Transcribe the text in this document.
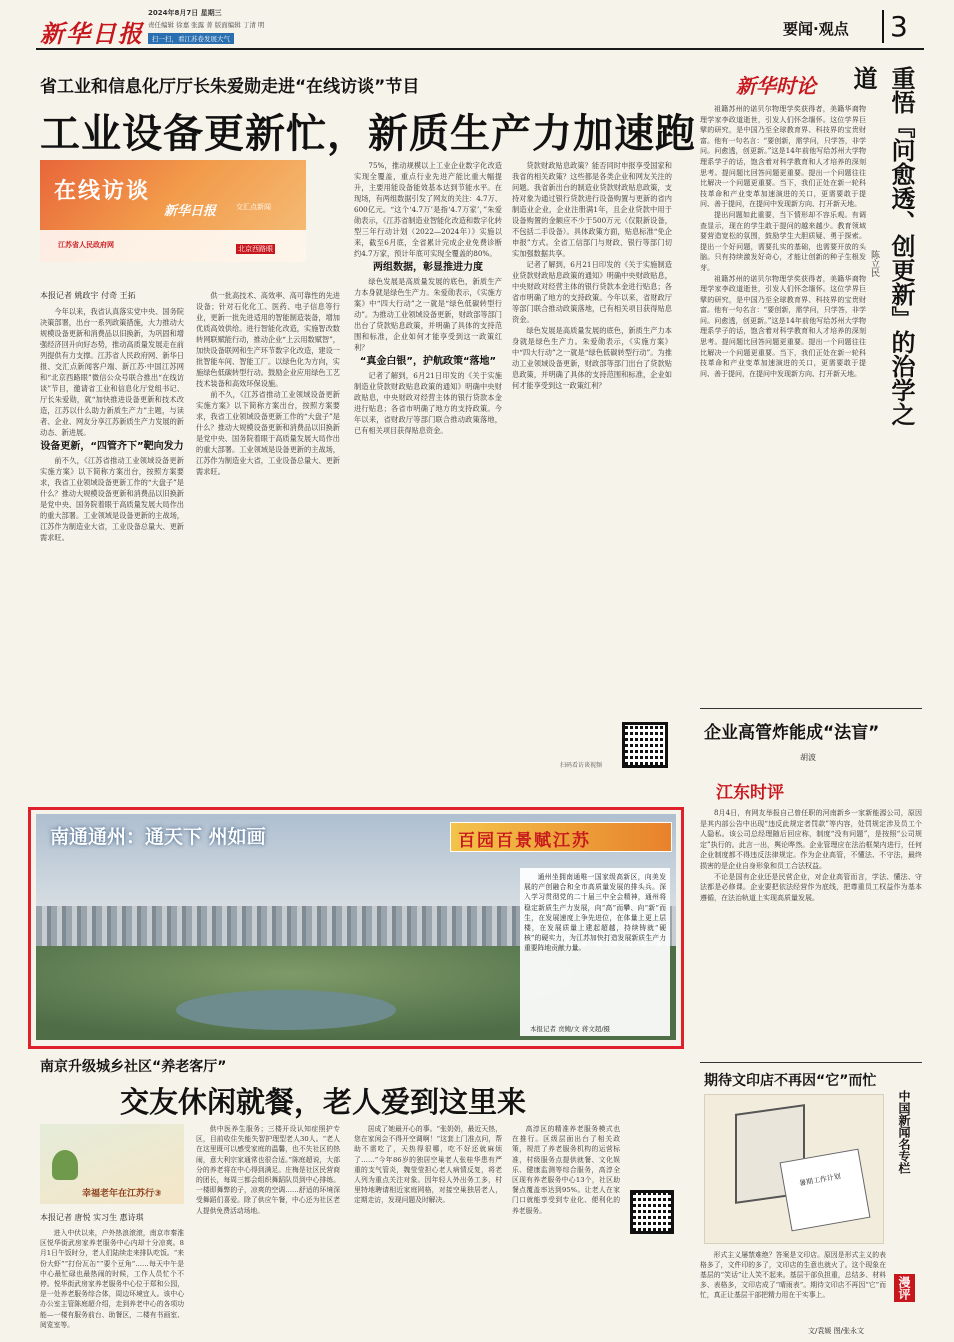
新华日报
2024年8月7日 星期三
责任编辑 徐嘉 张露 菁 版面编辑 丁清 明
扫一扫，看江苏卷发展大气
要闻·观点 3
省工业和信息化厅厅长朱爱勋走进“在线访谈”节目
工业设备更新忙，新质生产力加速跑
在线访谈
新华日报
江苏省人民政府网
交汇点新闻
北京西路眼
本报记者 姚政宇 付奇 王拓

今年以来，我省认真落实党中央、国务院决策部署，出台一系列政策措施，大力推动大规模设备更新和消费品以旧换新，为巩固和增强经济回升向好态势，推动高质量发展走在前列提供有力支撑。江苏省人民政府网、新华日报、交汇点新闻客户端、新江苏·中国江苏网和“北京西路眼”微信公众号联合推出“在线访谈”节目，邀请省工业和信息化厅党组书记、厅长朱爱勋，就“加快推进设备更新和技术改造，江苏以什么助力新质生产力”主题，与读者、企业、网友分享江苏新质生产力发展的新动态、新进展。

设备更新，“四管齐下”靶向发力

前不久，《江苏省推动工业领域设备更新实施方案》以下简称方案出台，按照方案要求，我省工业领域设备更新工作的“大盘子”是什么？推动大规模设备更新和消费品以旧换新是党中央、国务院着眼于高质量发展大局作出的重大部署。工业领域是设备更新的主战场，江苏作为制造业大省，工业设备总量大、更新需求旺。

供一批高技术、高效率、高可靠性的先进设备；针对石化化工、医药、电子信息等行业，更新一批先进适用的智能制造装备，增加优质高效供给。进行智能化改造，实施智改数转网联赋能行动，推动企业“上云用数赋智”，加快设备联网和生产环节数字化改造，建设一批智能车间、智能工厂。以绿色化为方向，实施绿色低碳转型行动。鼓励企业应用绿色工艺技术装备和高效环保设施。

前不久，《江苏省推动工业领域设备更新实施方案》以下简称方案出台，按照方案要求，我省工业领域设备更新工作的“大盘子”是什么？推动大规模设备更新和消费品以旧换新是党中央、国务院着眼于高质量发展大局作出的重大部署。工业领域是设备更新的主战场，江苏作为制造业大省，工业设备总量大、更新需求旺。

75%，推动规模以上工业企业数字化改造实现全覆盖，重点行业先进产能比重大幅提升，主要用能设备能效基本达到节能水平。在现场，有两组数据引发了网友的关注：4.7万、600亿元。“这个‘4.7万’是指‘4.7万家’，”朱爱勋表示，《江苏省制造业智能化改造和数字化转型三年行动计划（2022—2024年）》实施以来，截至6月底，全省累计完成企业免费诊断约4.7万家，预计年底可实现全覆盖的80%。

两组数据，彰显推进力度

绿色发展是高质量发展的底色，新质生产力本身就是绿色生产力。朱爱勋表示，《实施方案》中“四大行动”之一就是“绿色低碳转型行动”。为推动工业领域设备更新，财政部等部门出台了贷款贴息政策，并明确了具体的支持范围和标准，企业如何才能享受到这一政策红利？

“真金白银”，护航政策“落地”

记者了解到，6月21日印发的《关于实施制造业贷款财政贴息政策的通知》明确中央财政贴息，中央财政对经营主体的银行贷款本金进行贴息；各省市明确了地方的支持政策。今年以来，省财政厅等部门联合推动政策落地，已有相关项目获得贴息资金。

贷款财政贴息政策？能否同时申报享受国家和我省的相关政策？这些都是各类企业和网友关注的问题。我省新出台的制造业贷款财政贴息政策，支持对象为通过银行贷款进行设备购置与更新的省内制造业企业，企业注册满1年，且企业贷款中用于设备购置的金额应不少于500万元（仅限新设备，不包括二手设备）。具体政策方面，贴息标准“免企申报”方式。全省工信部门与财政、银行等部门切实加强数据共享。

记者了解到，6月21日印发的《关于实施制造业贷款财政贴息政策的通知》明确中央财政贴息，中央财政对经营主体的银行贷款本金进行贴息；各省市明确了地方的支持政策。今年以来，省财政厅等部门联合推动政策落地，已有相关项目获得贴息资金。

绿色发展是高质量发展的底色，新质生产力本身就是绿色生产力。朱爱勋表示，《实施方案》中“四大行动”之一就是“绿色低碳转型行动”。为推动工业领域设备更新，财政部等部门出台了贷款贴息政策，并明确了具体的支持范围和标准，企业如何才能享受到这一政策红利？

扫码看访谈视频
新华时论	重悟『问愈透、创更新』的治学之道
陈立民

祖籍苏州的诺贝尔物理学奖获得者，美籍华裔物理学家李政道逝世，引发人们怀念缅怀。这位学界巨擘的研究，是中国乃至全球教育界、科技界的宝贵财富。他有一句名言：“要创新，需学问，只学答，非学问。问愈透，创更新。”这是14年前他写给苏州大学物理系学子的话，饱含着对科学教育和人才培养的深刻思考。提问题比回答问题更重要。提出一个问题往往比解决一个问题更重要。当下，我们正处在新一轮科技革命和产业变革加速演进的关口，更需要敢于提问、善于提问，在提问中发现新方向、打开新天地。

提出问题如此重要，当下情形却不容乐观。有调查显示，现在的学生敢于提问的越来越少。教育领域要营造宽松的氛围，鼓励学生大胆质疑、勇于探索。提出一个好问题，需要扎实的基础，也需要开放的头脑。只有持续激发好奇心，才能让创新的种子生根发芽。

祖籍苏州的诺贝尔物理学奖获得者，美籍华裔物理学家李政道逝世，引发人们怀念缅怀。这位学界巨擘的研究，是中国乃至全球教育界、科技界的宝贵财富。他有一句名言：“要创新，需学问，只学答，非学问。问愈透，创更新。”这是14年前他写给苏州大学物理系学子的话，饱含着对科学教育和人才培养的深刻思考。提问题比回答问题更重要。提出一个问题往往比解决一个问题更重要。当下，我们正处在新一轮科技革命和产业变革加速演进的关口，更需要敢于提问、善于提问，在提问中发现新方向、打开新天地。

企业高管炸能成“法盲”
胡波
江东时评

8月4日，有网友举报自己曾任职的河南新乡一家新能源公司，原因是其内部公告中出现“违反此规定者罚款”等内容，处罚规定涉及员工个人隐私。该公司总经理随后回应称，制度“没有问题”，是按照“公司规定”执行的。此言一出，舆论哗然。企业管理应在法治框架内进行，任何企业制度都不得违反法律规定。作为企业高管，不懂法、不守法，最终损害的是企业自身形象和员工合法权益。

不论是国有企业还是民营企业，对企业高管而言，学法、懂法、守法都是必修课。企业要把依法经营作为底线，把尊重员工权益作为基本遵循，在法治轨道上实现高质量发展。

期待文印店不再因“它”而忙
暑期工作计划
中国新闻名专栏
漫评

形式主义屡禁难绝？答案是文印店。原因是形式主义的表格多了，文件印的多了，文印店的生意也就火了。这个现象在基层的“笑话”让人笑不起来。基层干部负担重，总结多、材料多、表格多，文印店成了“晴雨表”。期待文印店不再因“它”而忙，真正让基层干部把精力用在干实事上。

文/袁媛 图/张永文
南通通州：通天下 州如画	百园百景赋江苏

通州坐拥南通唯一国家级高新区，向美发展的产创融合和全市高质量发展的排头兵。深入学习贯彻党的二十届三中全会精神，通州将稳定新质生产力发展，向“高”而攀、向“新”而生，在发展速度上争先进位，在体量上更上层楼，在发展质量上建起超越，持续铸就“硬核”的硬实力，为江苏加快打造发展新质生产力重要阵地贡献力量。

本报记者 贲鲍/文 蒋文超/摄
南京升级城乡社区“养老客厅”
交友休闲就餐，老人爱到这里来
幸福老年在江苏行③
本报记者 唐悦 实习生 惠诗琪

进入中伏以来，户外热浪滚滚，南京市秦淮区悦华街武房家养老服务中心内却十分凉爽。8月1日午饭时分，老人们陆续走来排队吃饭。“来份大虾”“打份瓦缶”“要个豆角”……每天中午是中心最忙碌也最热闹的时候，工作人员忙个不停。悦华街武房家养老服务中心位于郑和公园，是一处养老服务综合体，周边环境宜人。该中心办公室主管陈庭超介绍，走到养老中心的各项功能—一楼有服务前台、助餐区，二楼有书画室、阅览室等。

供中医养生服务；三楼开设认知症照护专区，目前收住失能失智护理型老人30人。“老人在这里既可以感受家庭的温馨，也不失社区的热闹，意大利宗家通常也很合适。”陈庭超说，大部分的养老将在中心得到满足。庄梅是社区民营商的团长，每周三都会组织舞蹈队员到中心排练。一楼即舞弊的子，凉爽的空调……舒适的环境深受舞蹈们喜爱。除了供应午餐，中心还为社区老人提供免费活动场地。

居成了她最开心的事。“张奶奶，最近天热，您在家闲会不得开空调啊！”这套上门准点问，帮助不需吃了，天热得很哪，吃不好还就麻烦了……”今年86岁的独居空巢老人张桂华患有严重的支气管炎，魏莹莹担心老人病情反复，将老人列为重点关注对象。因年轻人外出务工多，村里特地聘请相近家庭网格，对接空巢独居老人，定期走访，发现问题及时解决。

高淳区的精准养老服务模式也在推行。区级层面出台了相关政策，规范了养老服务机构的运营标准，村级服务点提供就餐、文化娱乐、健康监测等综合服务，高淳全区现有养老服务中心13个，社区助餐点覆盖率达到95%。让老人在家门口就能享受到专业化、便利化的养老服务。
